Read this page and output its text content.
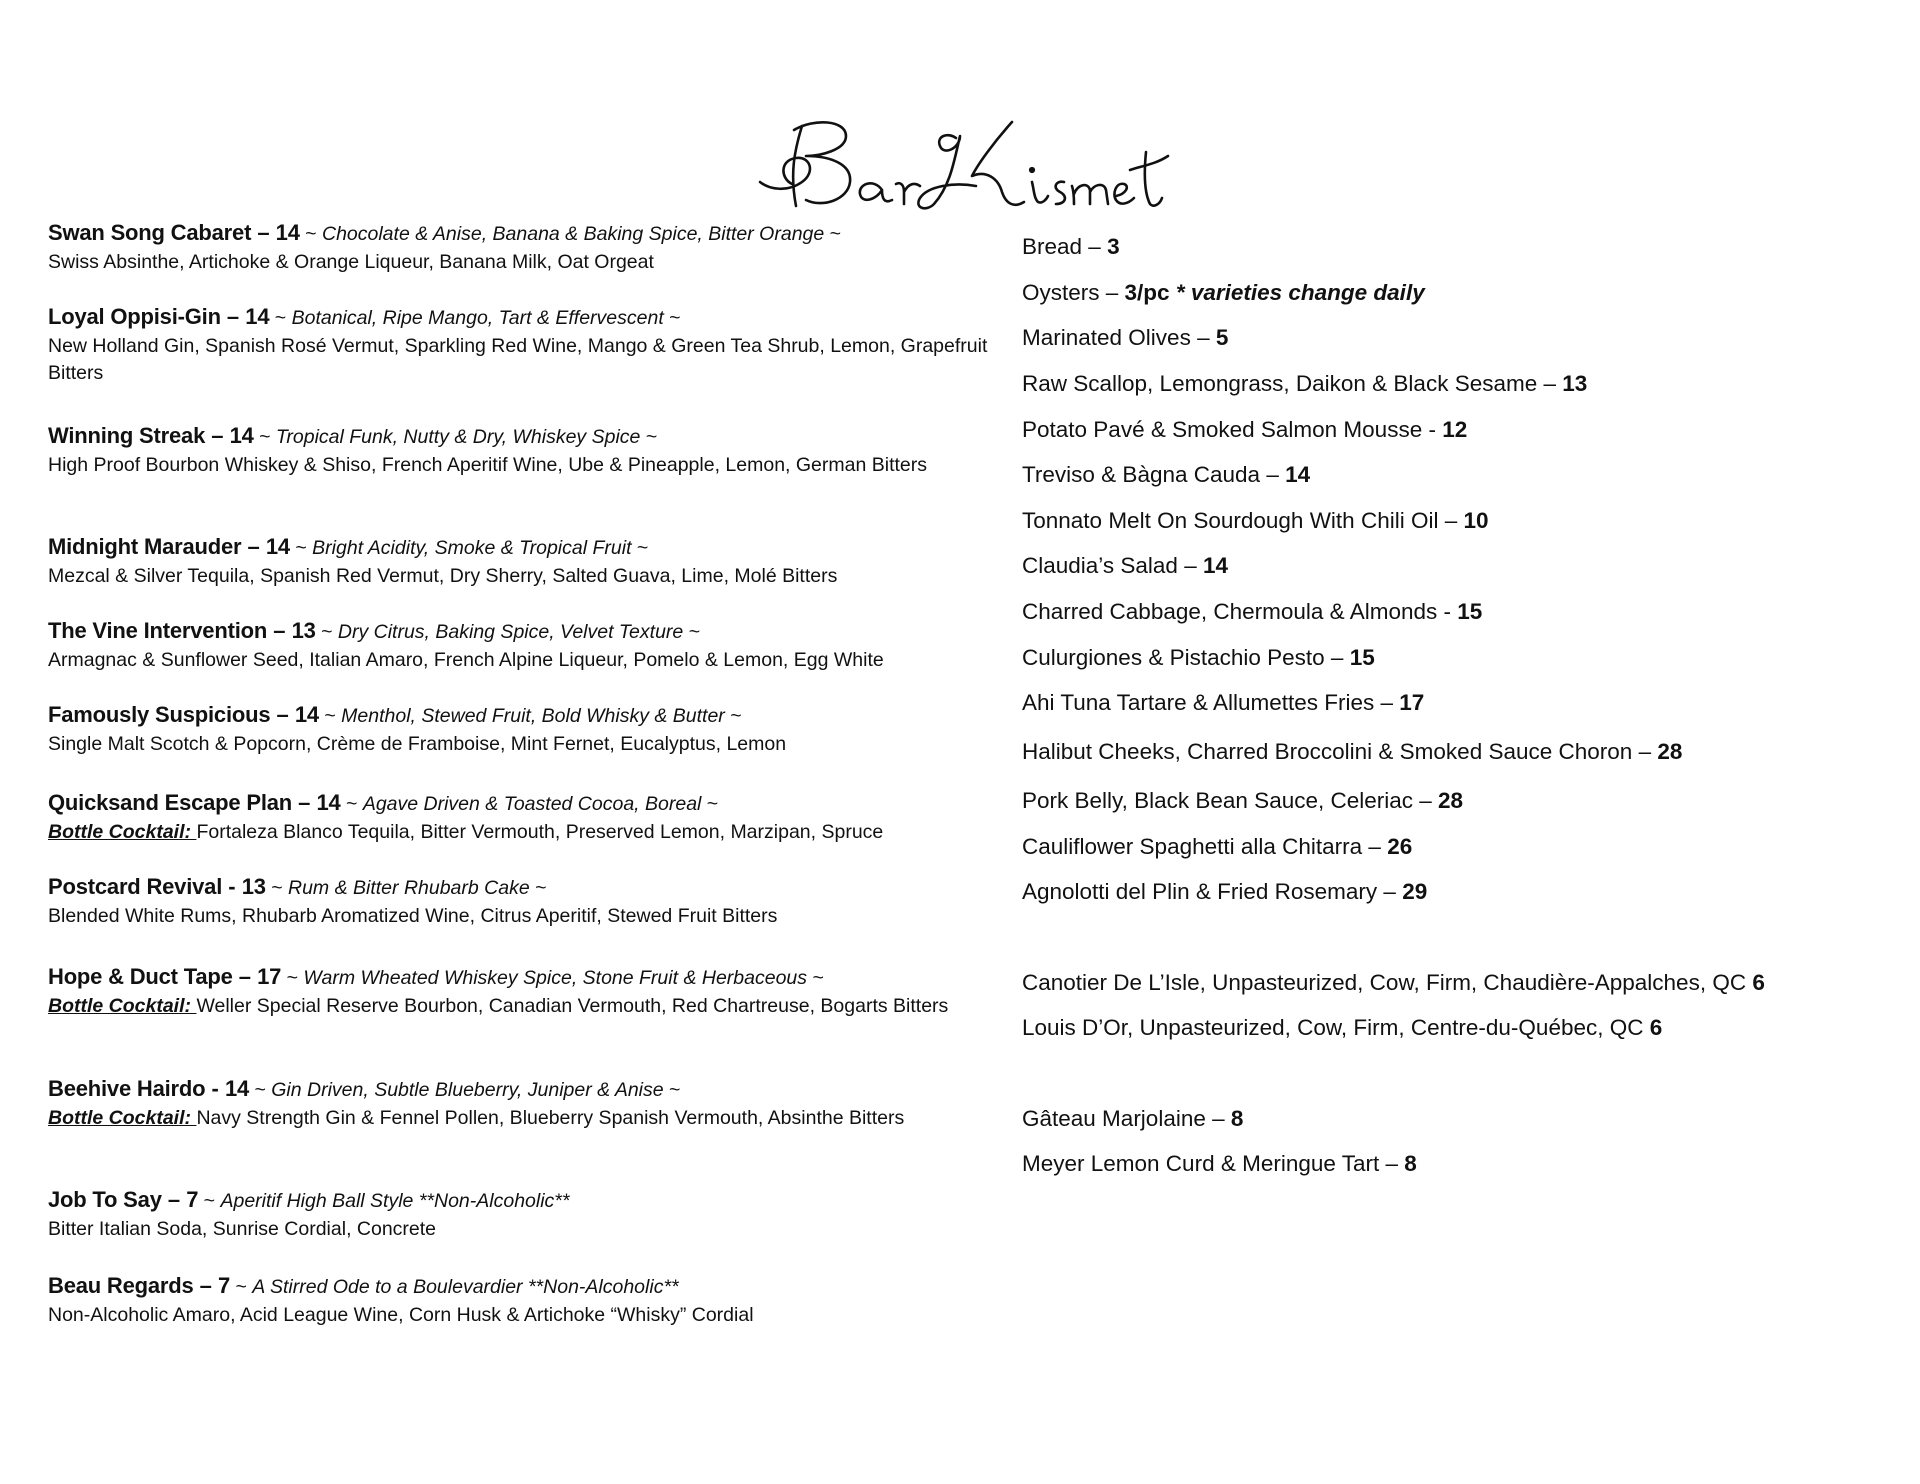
Bar Kismet
Swan Song Cabaret – 14 ~ Chocolate & Anise, Banana & Baking Spice, Bitter Orange ~
Swiss Absinthe, Artichoke & Orange Liqueur, Banana Milk, Oat Orgeat
Loyal Oppisi-Gin – 14 ~ Botanical, Ripe Mango, Tart & Effervescent ~
New Holland Gin, Spanish Rosé Vermut, Sparkling Red Wine, Mango & Green Tea Shrub, Lemon, Grapefruit Bitters
Winning Streak – 14 ~ Tropical Funk, Nutty & Dry, Whiskey Spice ~
High Proof Bourbon Whiskey & Shiso, French Aperitif Wine, Ube & Pineapple, Lemon, German Bitters
Midnight Marauder – 14 ~ Bright Acidity, Smoke & Tropical Fruit ~
Mezcal & Silver Tequila, Spanish Red Vermut, Dry Sherry, Salted Guava, Lime, Molé Bitters
The Vine Intervention – 13 ~ Dry Citrus, Baking Spice, Velvet Texture ~
Armagnac & Sunflower Seed, Italian Amaro, French Alpine Liqueur, Pomelo & Lemon, Egg White
Famously Suspicious – 14 ~ Menthol, Stewed Fruit, Bold Whisky & Butter ~
Single Malt Scotch & Popcorn, Crème de Framboise, Mint Fernet, Eucalyptus, Lemon
Quicksand Escape Plan – 14 ~ Agave Driven & Toasted Cocoa, Boreal ~
Bottle Cocktail: Fortaleza Blanco Tequila, Bitter Vermouth, Preserved Lemon, Marzipan, Spruce
Postcard Revival - 13 ~ Rum & Bitter Rhubarb Cake ~
Blended White Rums, Rhubarb Aromatized Wine, Citrus Aperitif, Stewed Fruit Bitters
Hope & Duct Tape – 17 ~ Warm Wheated Whiskey Spice, Stone Fruit & Herbaceous ~
Bottle Cocktail: Weller Special Reserve Bourbon, Canadian Vermouth, Red Chartreuse, Bogarts Bitters
Beehive Hairdo - 14 ~ Gin Driven, Subtle Blueberry, Juniper & Anise ~
Bottle Cocktail: Navy Strength Gin & Fennel Pollen, Blueberry Spanish Vermouth, Absinthe Bitters
Job To Say – 7 ~ Aperitif High Ball Style **Non-Alcoholic**
Bitter Italian Soda, Sunrise Cordial, Concrete
Beau Regards – 7 ~ A Stirred Ode to a Boulevardier **Non-Alcoholic**
Non-Alcoholic Amaro, Acid League Wine, Corn Husk & Artichoke “Whisky” Cordial
Bread – 3
Oysters – 3/pc * varieties change daily
Marinated Olives – 5
Raw Scallop, Lemongrass, Daikon & Black Sesame – 13
Potato Pavé & Smoked Salmon Mousse - 12
Treviso & Bàgna Cauda – 14
Tonnato Melt On Sourdough With Chili Oil – 10
Claudia’s Salad – 14
Charred Cabbage, Chermoula & Almonds - 15
Culurgiones & Pistachio Pesto – 15
Ahi Tuna Tartare & Allumettes Fries – 17
Halibut Cheeks, Charred Broccolini & Smoked Sauce Choron – 28
Pork Belly, Black Bean Sauce, Celeriac – 28
Cauliflower Spaghetti alla Chitarra – 26
Agnolotti del Plin & Fried Rosemary – 29
Canotier De L’Isle, Unpasteurized, Cow, Firm, Chaudière-Appalches, QC 6
Louis D’Or, Unpasteurized, Cow, Firm, Centre-du-Québec, QC 6
Gâteau Marjolaine – 8
Meyer Lemon Curd & Meringue Tart – 8
